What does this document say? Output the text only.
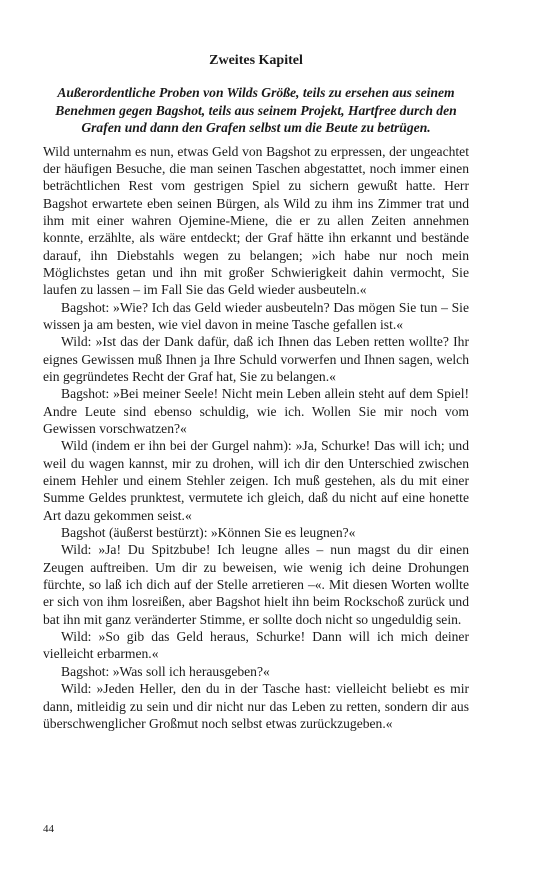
Zweites Kapitel
Außerordentliche Proben von Wilds Größe, teils zu ersehen aus seinem Benehmen gegen Bagshot, teils aus seinem Projekt, Hartfree durch den Grafen und dann den Grafen selbst um die Beute zu betrügen.

Wild unternahm es nun, etwas Geld von Bagshot zu erpressen, der ungeachtet der häufigen Besuche, die man seinen Taschen abgestattet, noch immer einen beträchtlichen Rest vom gestrigen Spiel zu sichern gewußt hatte. Herr Bagshot erwartete eben seinen Bürgen, als Wild zu ihm ins Zimmer trat und ihm mit einer wahren Ojemine-Miene, die er zu allen Zeiten annehmen konnte, erzählte, als wäre entdeckt; der Graf hätte ihn erkannt und bestände darauf, ihn Diebstahls wegen zu belangen; »ich habe nur noch mein Möglichstes getan und ihn mit großer Schwierigkeit dahin vermocht, Sie laufen zu lassen – im Fall Sie das Geld wieder ausbeuteln.«

Bagshot: »Wie? Ich das Geld wieder ausbeuteln? Das mögen Sie tun – Sie wissen ja am besten, wie viel davon in meine Tasche gefallen ist.«

Wild: »Ist das der Dank dafür, daß ich Ihnen das Leben retten wollte? Ihr eignes Gewissen muß Ihnen ja Ihre Schuld vorwerfen und Ihnen sagen, welch ein gegründetes Recht der Graf hat, Sie zu belangen.«

Bagshot: »Bei meiner Seele! Nicht mein Leben allein steht auf dem Spiel! Andre Leute sind ebenso schuldig, wie ich. Wollen Sie mir noch vom Gewissen vorschwatzen?«

Wild (indem er ihn bei der Gurgel nahm): »Ja, Schurke! Das will ich; und weil du wagen kannst, mir zu drohen, will ich dir den Unterschied zwischen einem Hehler und einem Stehler zeigen. Ich muß gestehen, als du mit einer Summe Geldes prunktest, vermutete ich gleich, daß du nicht auf eine honette Art dazu gekommen seist.«

Bagshot (äußerst bestürzt): »Können Sie es leugnen?«

Wild: »Ja! Du Spitzbube! Ich leugne alles – nun magst du dir einen Zeugen auftreiben. Um dir zu beweisen, wie wenig ich deine Drohungen fürchte, so laß ich dich auf der Stelle arretieren –«. Mit diesen Worten wollte er sich von ihm losreißen, aber Bagshot hielt ihn beim Rockschoß zurück und bat ihn mit ganz veränderter Stimme, er sollte doch nicht so ungeduldig sein.

Wild: »So gib das Geld heraus, Schurke! Dann will ich mich deiner vielleicht erbarmen.«

Bagshot: »Was soll ich herausgeben?«

Wild: »Jeden Heller, den du in der Tasche hast: vielleicht beliebt es mir dann, mitleidig zu sein und dir nicht nur das Leben zu retten, sondern dir aus überschwenglicher Großmut noch selbst etwas zurückzugeben.«

44
